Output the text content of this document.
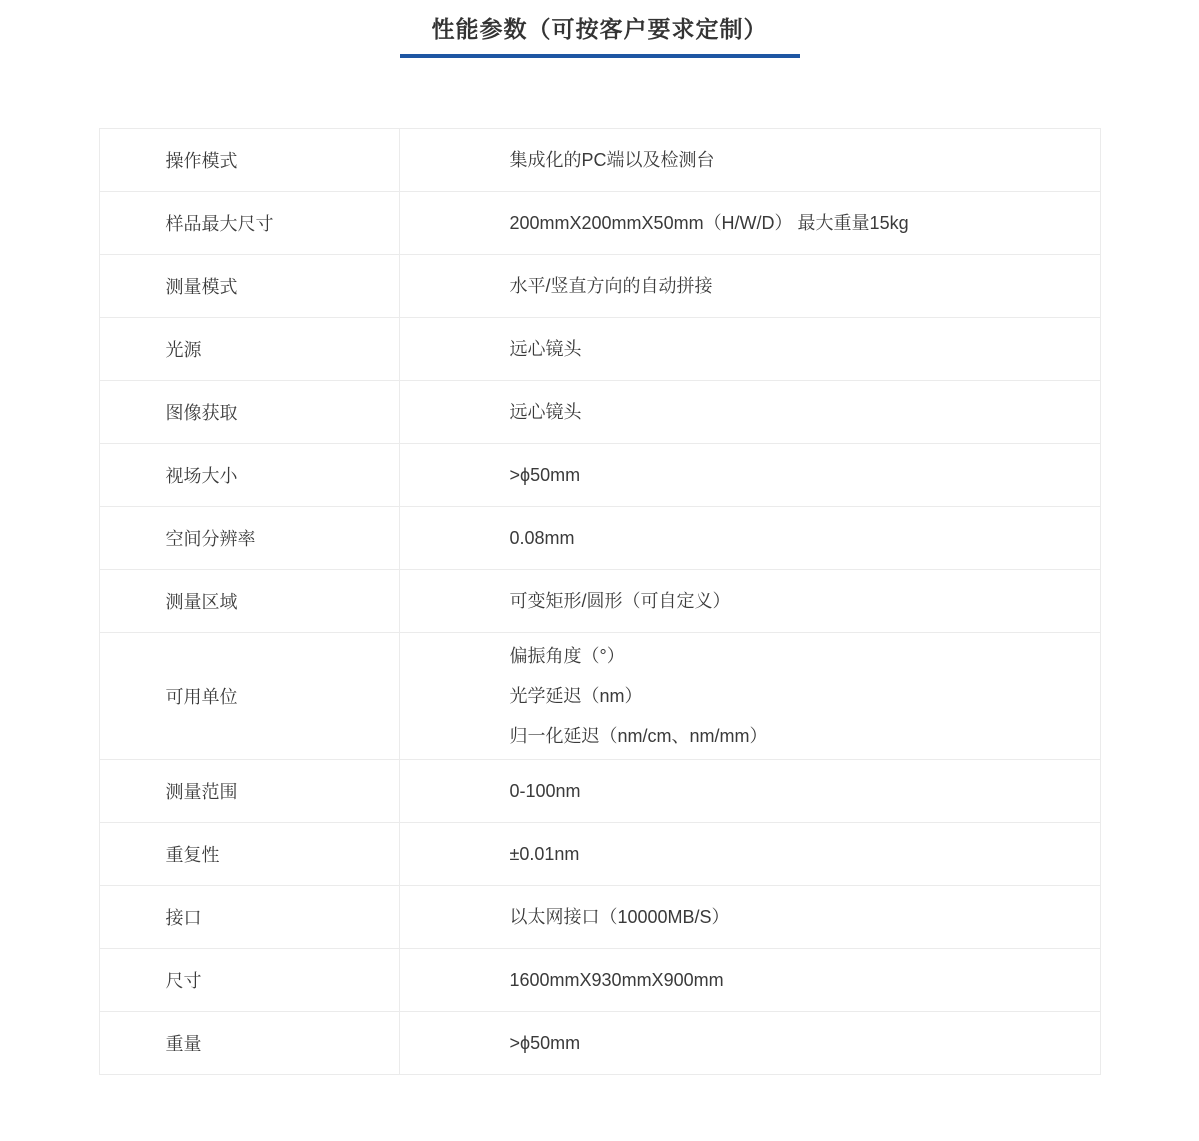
性能参数（可按客户要求定制）
操作模式	集成化的PC端以及检测台

样品最大尺寸	200mmX200mmX50mm（H/W/D） 最大重量15kg

测量模式	水平/竖直方向的自动拼接

光源	远心镜头

图像获取	远心镜头

视场大小	>ϕ50mm

空间分辨率	0.08mm

测量区域	可变矩形/圆形（可自定义）

可用单位	偏振角度（°）
光学延迟（nm）
归一化延迟（nm/cm、nm/mm）

测量范围	0-100nm

重复性	±0.01nm

接口	以太网接口（10000MB/S）

尺寸	1600mmX930mmX900mm

重量	>ϕ50mm
